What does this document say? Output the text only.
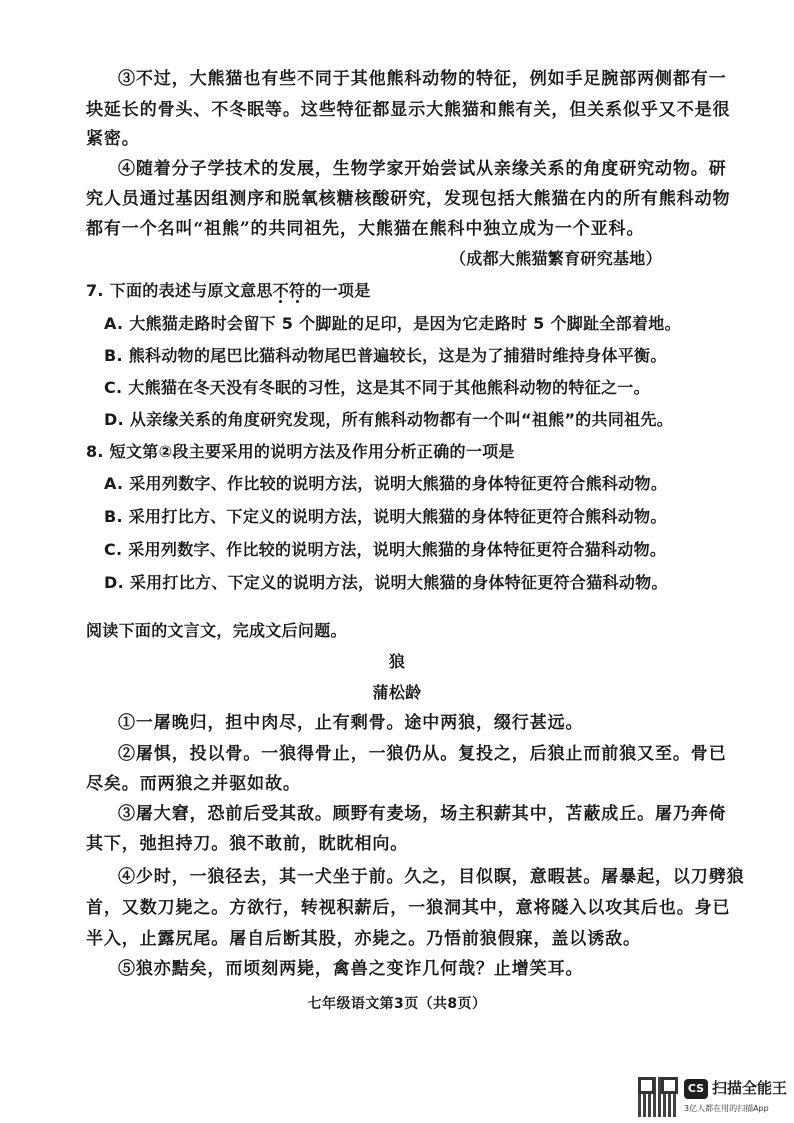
③不过，大熊猫也有些不同于其他熊科动物的特征，例如手足腕部两侧都有一
块延长的骨头、不冬眠等。这些特征都显示大熊猫和熊有关，但关系似乎又不是很
紧密。
④随着分子学技术的发展，生物学家开始尝试从亲缘关系的角度研究动物。研
究人员通过基因组测序和脱氧核糖核酸研究，发现包括大熊猫在内的所有熊科动物
都有一个名叫“祖熊”的共同祖先，大熊猫在熊科中独立成为一个亚科。
（成都大熊猫繁育研究基地）
7. 下面的表述与原文意思不符的一项是
A. 大熊猫走路时会留下 5 个脚趾的足印，是因为它走路时 5 个脚趾全部着地。
B. 熊科动物的尾巴比猫科动物尾巴普遍较长，这是为了捕猎时维持身体平衡。
C. 大熊猫在冬天没有冬眠的习性，这是其不同于其他熊科动物的特征之一。
D. 从亲缘关系的角度研究发现，所有熊科动物都有一个叫“祖熊”的共同祖先。
8. 短文第②段主要采用的说明方法及作用分析正确的一项是
A. 采用列数字、作比较的说明方法，说明大熊猫的身体特征更符合熊科动物。
B. 采用打比方、下定义的说明方法，说明大熊猫的身体特征更符合熊科动物。
C. 采用列数字、作比较的说明方法，说明大熊猫的身体特征更符合猫科动物。
D. 采用打比方、下定义的说明方法，说明大熊猫的身体特征更符合猫科动物。
阅读下面的文言文，完成文后问题。
狼
蒲松龄
①一屠晚归，担中肉尽，止有剩骨。途中两狼，缀行甚远。
②屠惧，投以骨。一狼得骨止，一狼仍从。复投之，后狼止而前狼又至。骨已
尽矣。而两狼之并驱如故。
③屠大窘，恐前后受其敌。顾野有麦场，场主积薪其中，苫蔽成丘。屠乃奔倚
其下，弛担持刀。狼不敢前，眈眈相向。
④少时，一狼径去，其一犬坐于前。久之，目似瞑，意暇甚。屠暴起，以刀劈狼
首，又数刀毙之。方欲行，转视积薪后，一狼洞其中，意将隧入以攻其后也。身已
半入，止露尻尾。屠自后断其股，亦毙之。乃悟前狼假寐，盖以诱敌。
⑤狼亦黠矣，而顷刻两毙，禽兽之变诈几何哉？止增笑耳。
七年级语文第3页（共8页）
CS 扫描全能王
3亿人都在用的扫描App
